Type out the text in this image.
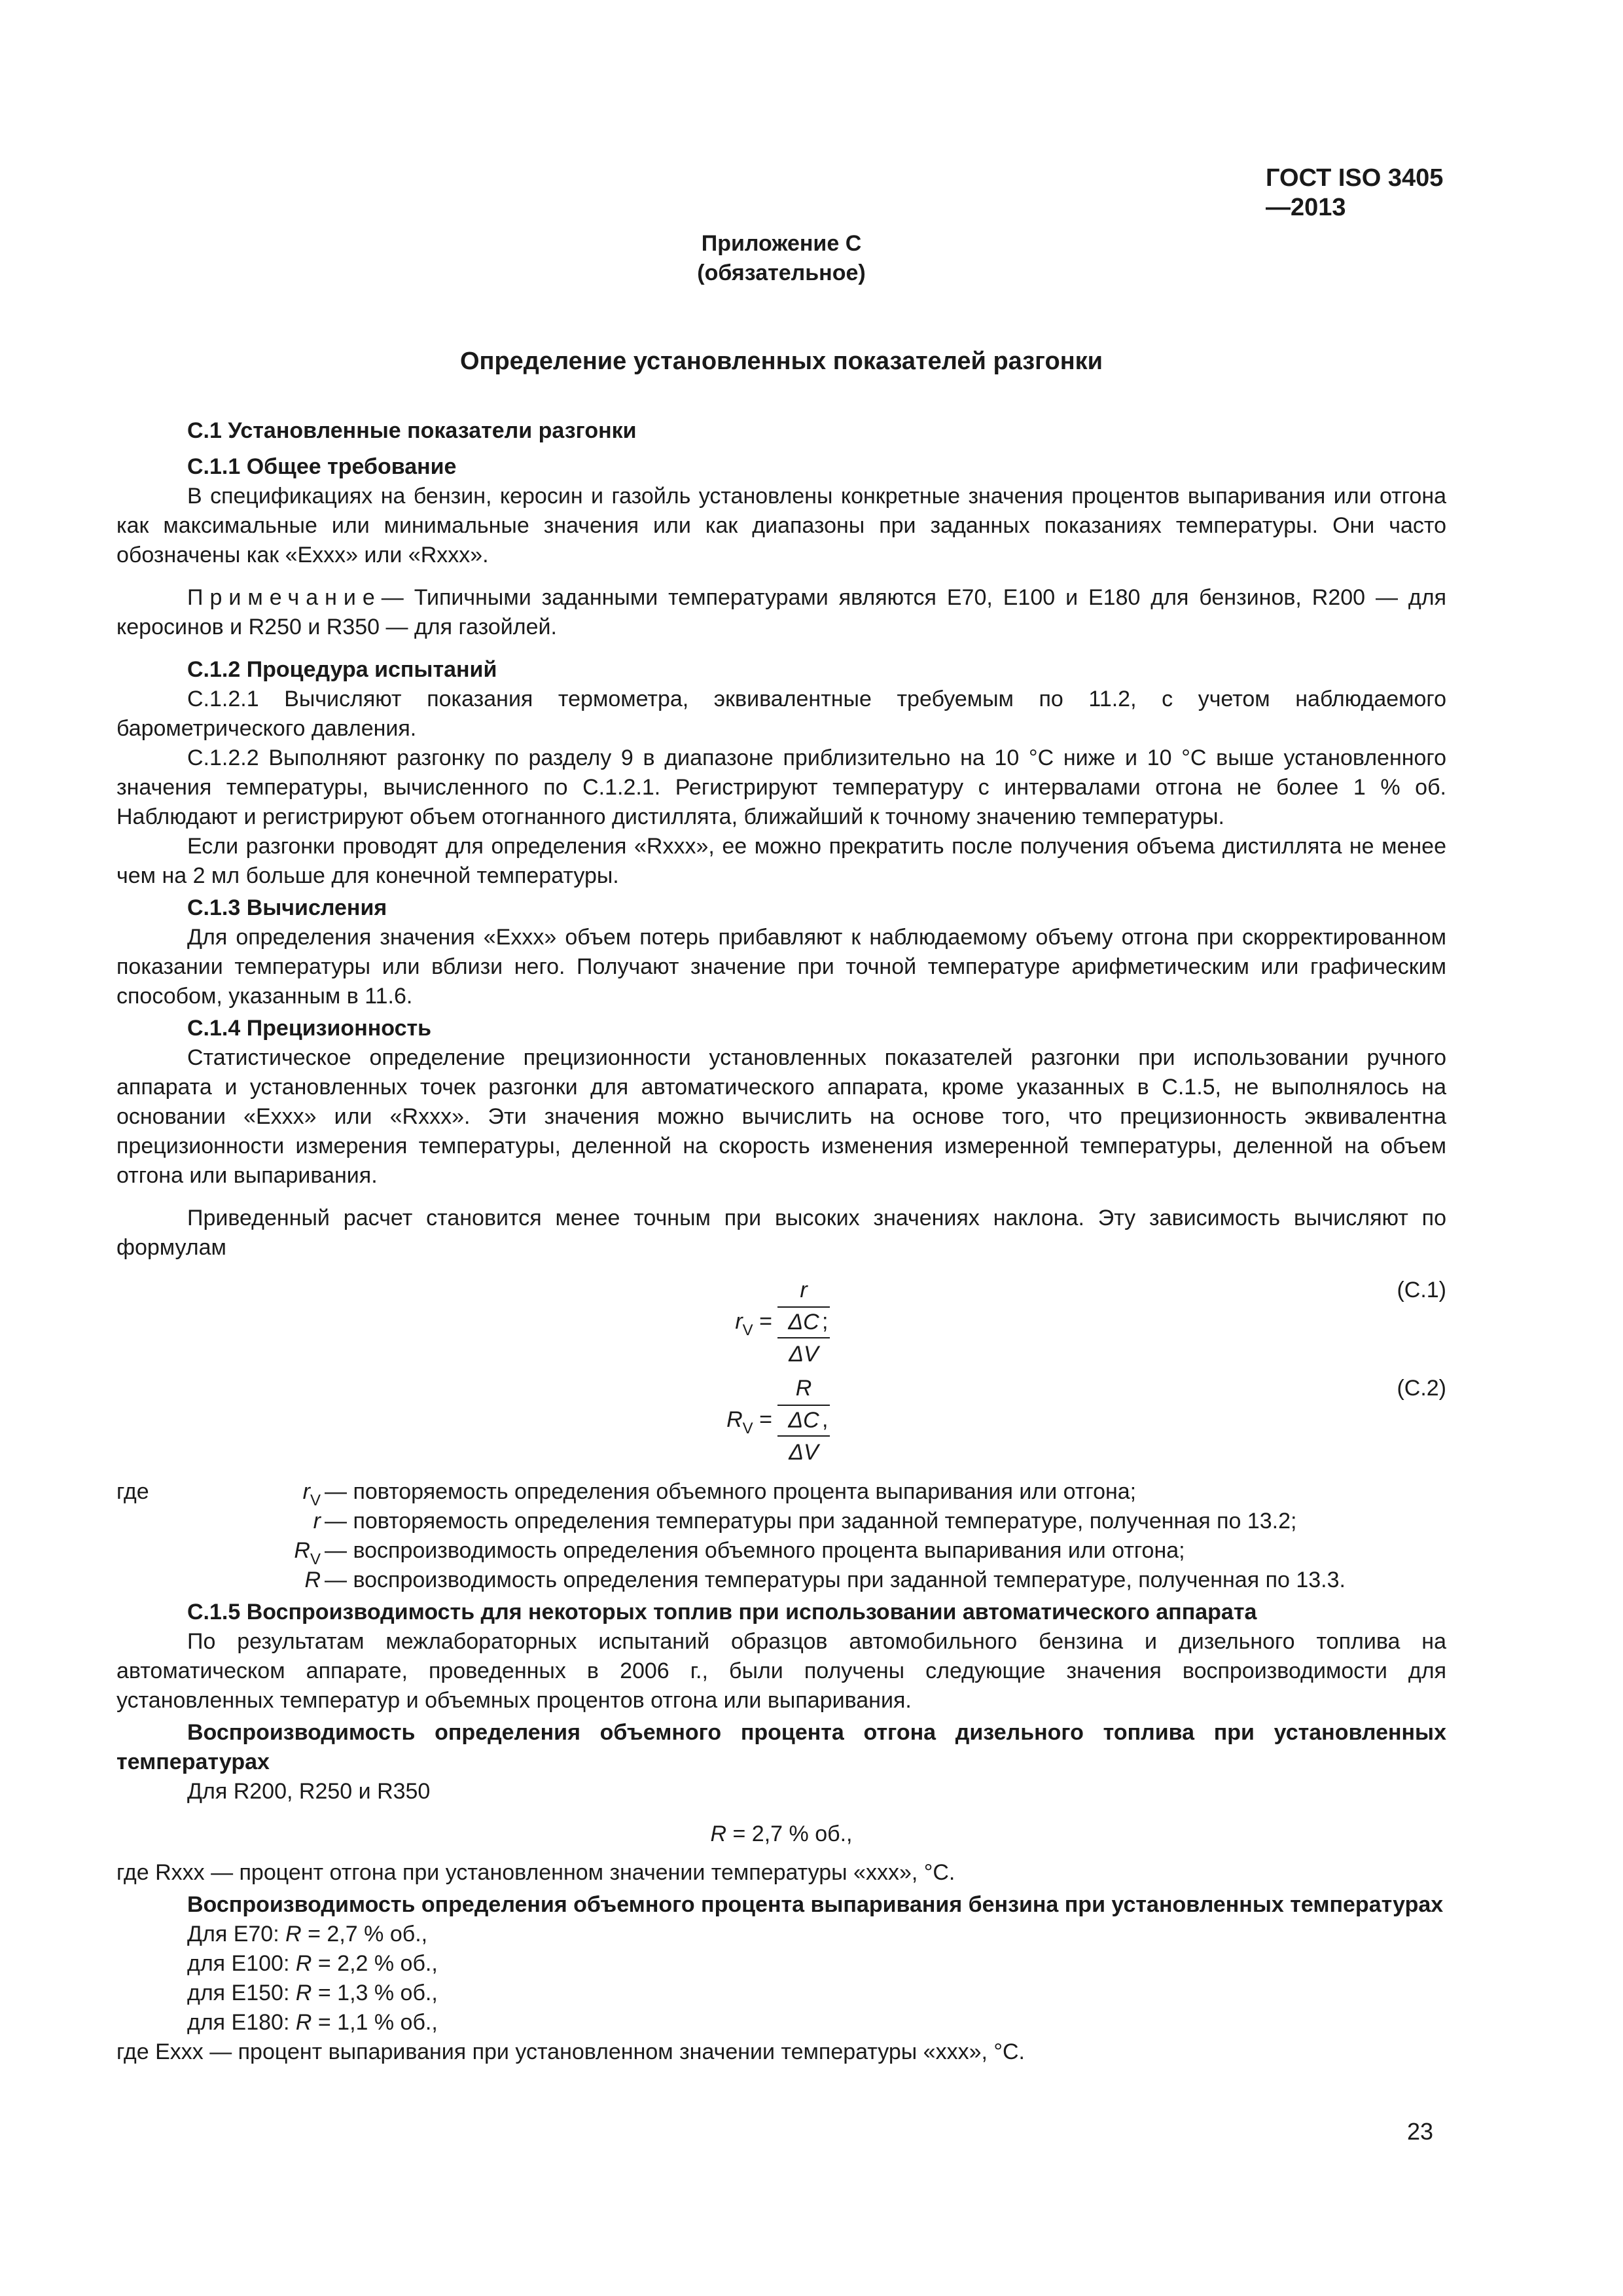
ГОСТ ISO 3405—2013
Приложение С
(обязательное)
Определение установленных показателей разгонки

С.1 Установленные показатели разгонки

С.1.1 Общее требование

В спецификациях на бензин, керосин и газойль установлены конкретные значения процентов выпаривания или отгона как максимальные или минимальные значения или как диапазоны при заданных показаниях температуры. Они часто обозначены как «Exxx» или «Rxxx».

Примечание— Типичными заданными температурами являются Е70, Е100 и Е180 для бензинов, R200 — для керосинов и R250 и R350 — для газойлей.

С.1.2 Процедура испытаний

С.1.2.1 Вычисляют показания термометра, эквивалентные требуемым по 11.2, с учетом наблюдаемого барометрического давления.

С.1.2.2 Выполняют разгонку по разделу 9 в диапазоне приблизительно на 10 °С ниже и 10 °С выше установленного значения температуры, вычисленного по С.1.2.1. Регистрируют температуру с интервалами отгона не более 1 % об. Наблюдают и регистрируют объем отогнанного дистиллята, ближайший к точному значению температуры.

Если разгонки проводят для определения «Rxxx», ее можно прекратить после получения объема дистиллята не менее чем на 2 мл больше для конечной температуры.

С.1.3 Вычисления

Для определения значения «Exxx» объем потерь прибавляют к наблюдаемому объему отгона при скорректированном показании температуры или вблизи него. Получают значение при точной температуре арифметическим или графическим способом, указанным в 11.6.

С.1.4 Прецизионность

Статистическое определение прецизионности установленных показателей разгонки при использовании ручного аппарата и установленных точек разгонки для автоматического аппарата, кроме указанных в С.1.5, не выполнялось на основании «Exxx» или «Rxxx». Эти значения можно вычислить на основе того, что прецизионность эквивалентна прецизионности измерения температуры, деленной на скорость изменения измеренной температуры, деленной на объем отгона или выпаривания.

Приведенный расчет становится менее точным при высоких значениях наклона. Эту зависимость вычисляют по формулам

$r_V$ =
r
ΔC
ΔV
;
(C.1)
$R_V$ =
R
ΔC
ΔV
,
(C.2)
где	$r_V$ — повторяемость определения объемного процента выпаривания или отгона;
r — повторяемость определения температуры при заданной температуре, полученная по 13.2;
$R_V$ — воспроизводимость определения объемного процента выпаривания или отгона;
R — воспроизводимость определения температуры при заданной температуре, полученная по 13.3.

С.1.5 Воспроизводимость для некоторых топлив при использовании автоматического аппарата

По результатам межлабораторных испытаний образцов автомобильного бензина и дизельного топлива на автоматическом аппарате, проведенных в 2006 г., были получены следующие значения воспроизводимости для установленных температур и объемных процентов отгона или выпаривания.

Воспроизводимость определения объемного процента отгона дизельного топлива при установленных температурах

Для R200, R250 и R350

R = 2,7 % об.,

где Rxxx — процент отгона при установленном значении температуры «xxx», °С.

Воспроизводимость определения объемного процента выпаривания бензина при установленных температурах

Для Е70: R = 2,7 % об.,

для Е100: R = 2,2 % об.,

для Е150: R = 1,3 % об.,

для Е180: R = 1,1 % об.,

где Exxx — процент выпаривания при установленном значении температуры «xxx», °С.

23
